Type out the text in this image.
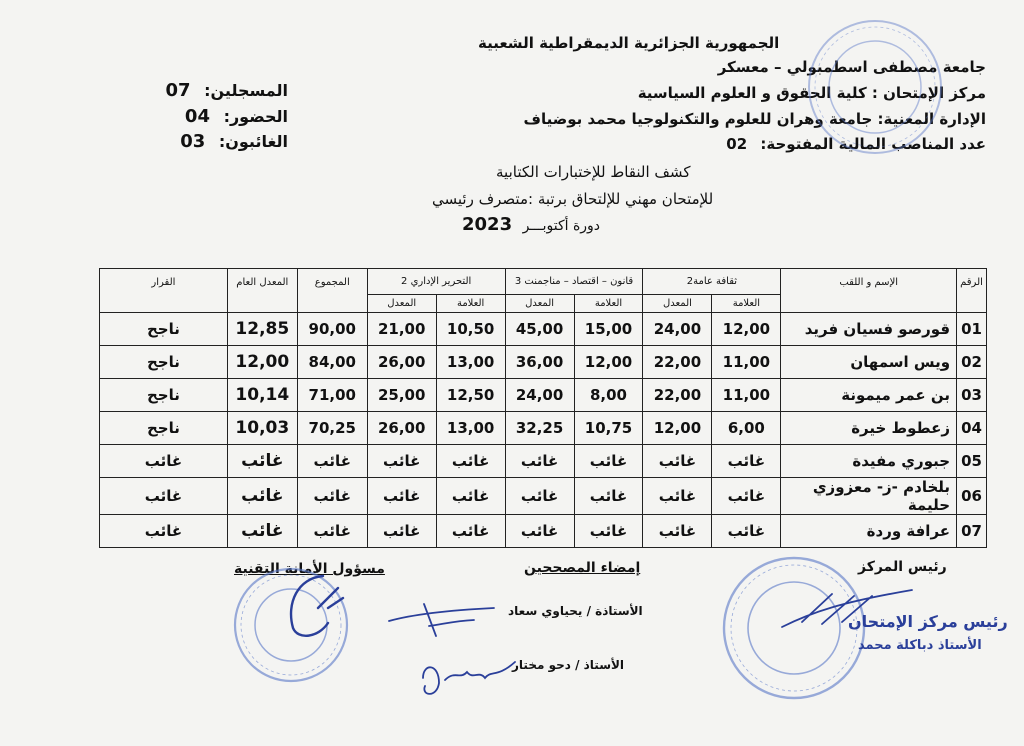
الجمهورية الجزائرية الديمقراطية الشعبية
جامعة مصطفى اسطمبولي – معسكر
مركز الإمتحان : كلية الحقوق و العلوم السياسية
الإدارة المعنية: جامعة وهران للعلوم والتكنولوجيا محمد بوضياف
عدد المناصب المالية المفتوحة: 02
المسجلين: 07
الحضور: 04
الغائبون: 03
كشف النقاط للإختبارات الكتابية
للإمتحان مهني للإلتحاق برتبة :متصرف رئيسي
دورة أكتوبـــر 2023
الرقم	الإسم و اللقب	ثقافة عامة2		قانون – اقتصاد – مناجمنت 3		التحرير الإداري 2		المجموع	المعدل العام	القرار
		العلامة	المعدل	العلامة	المعدل	العلامة	المعدل			
01	قورصو فسيان فريد	12,00	24,00	15,00	45,00	10,50	21,00	90,00	12,85	ناجح
02	ويس اسمهان	11,00	22,00	12,00	36,00	13,00	26,00	84,00	12,00	ناجح
03	بن عمر ميمونة	11,00	22,00	8,00	24,00	12,50	25,00	71,00	10,14	ناجح
04	زعطوط خيرة	6,00	12,00	10,75	32,25	13,00	26,00	70,25	10,03	ناجح
05	جبوري مفيدة	غائب	غائب	غائب	غائب	غائب	غائب	غائب	غائب	غائب
06	بلخادم -ز- معزوزي حليمة	غائب	غائب	غائب	غائب	غائب	غائب	غائب	غائب	غائب
07	عرافة وردة	غائب	غائب	غائب	غائب	غائب	غائب	غائب	غائب	غائب
رئيس المركز
إمضاء المصححين
مسؤول الأمانة التقنية
الأستاذة / يحياوي سعاد
الأستاذ / دحو مختار
رئيس مركز الإمتحان
الأستاذ دباكلة محمد
